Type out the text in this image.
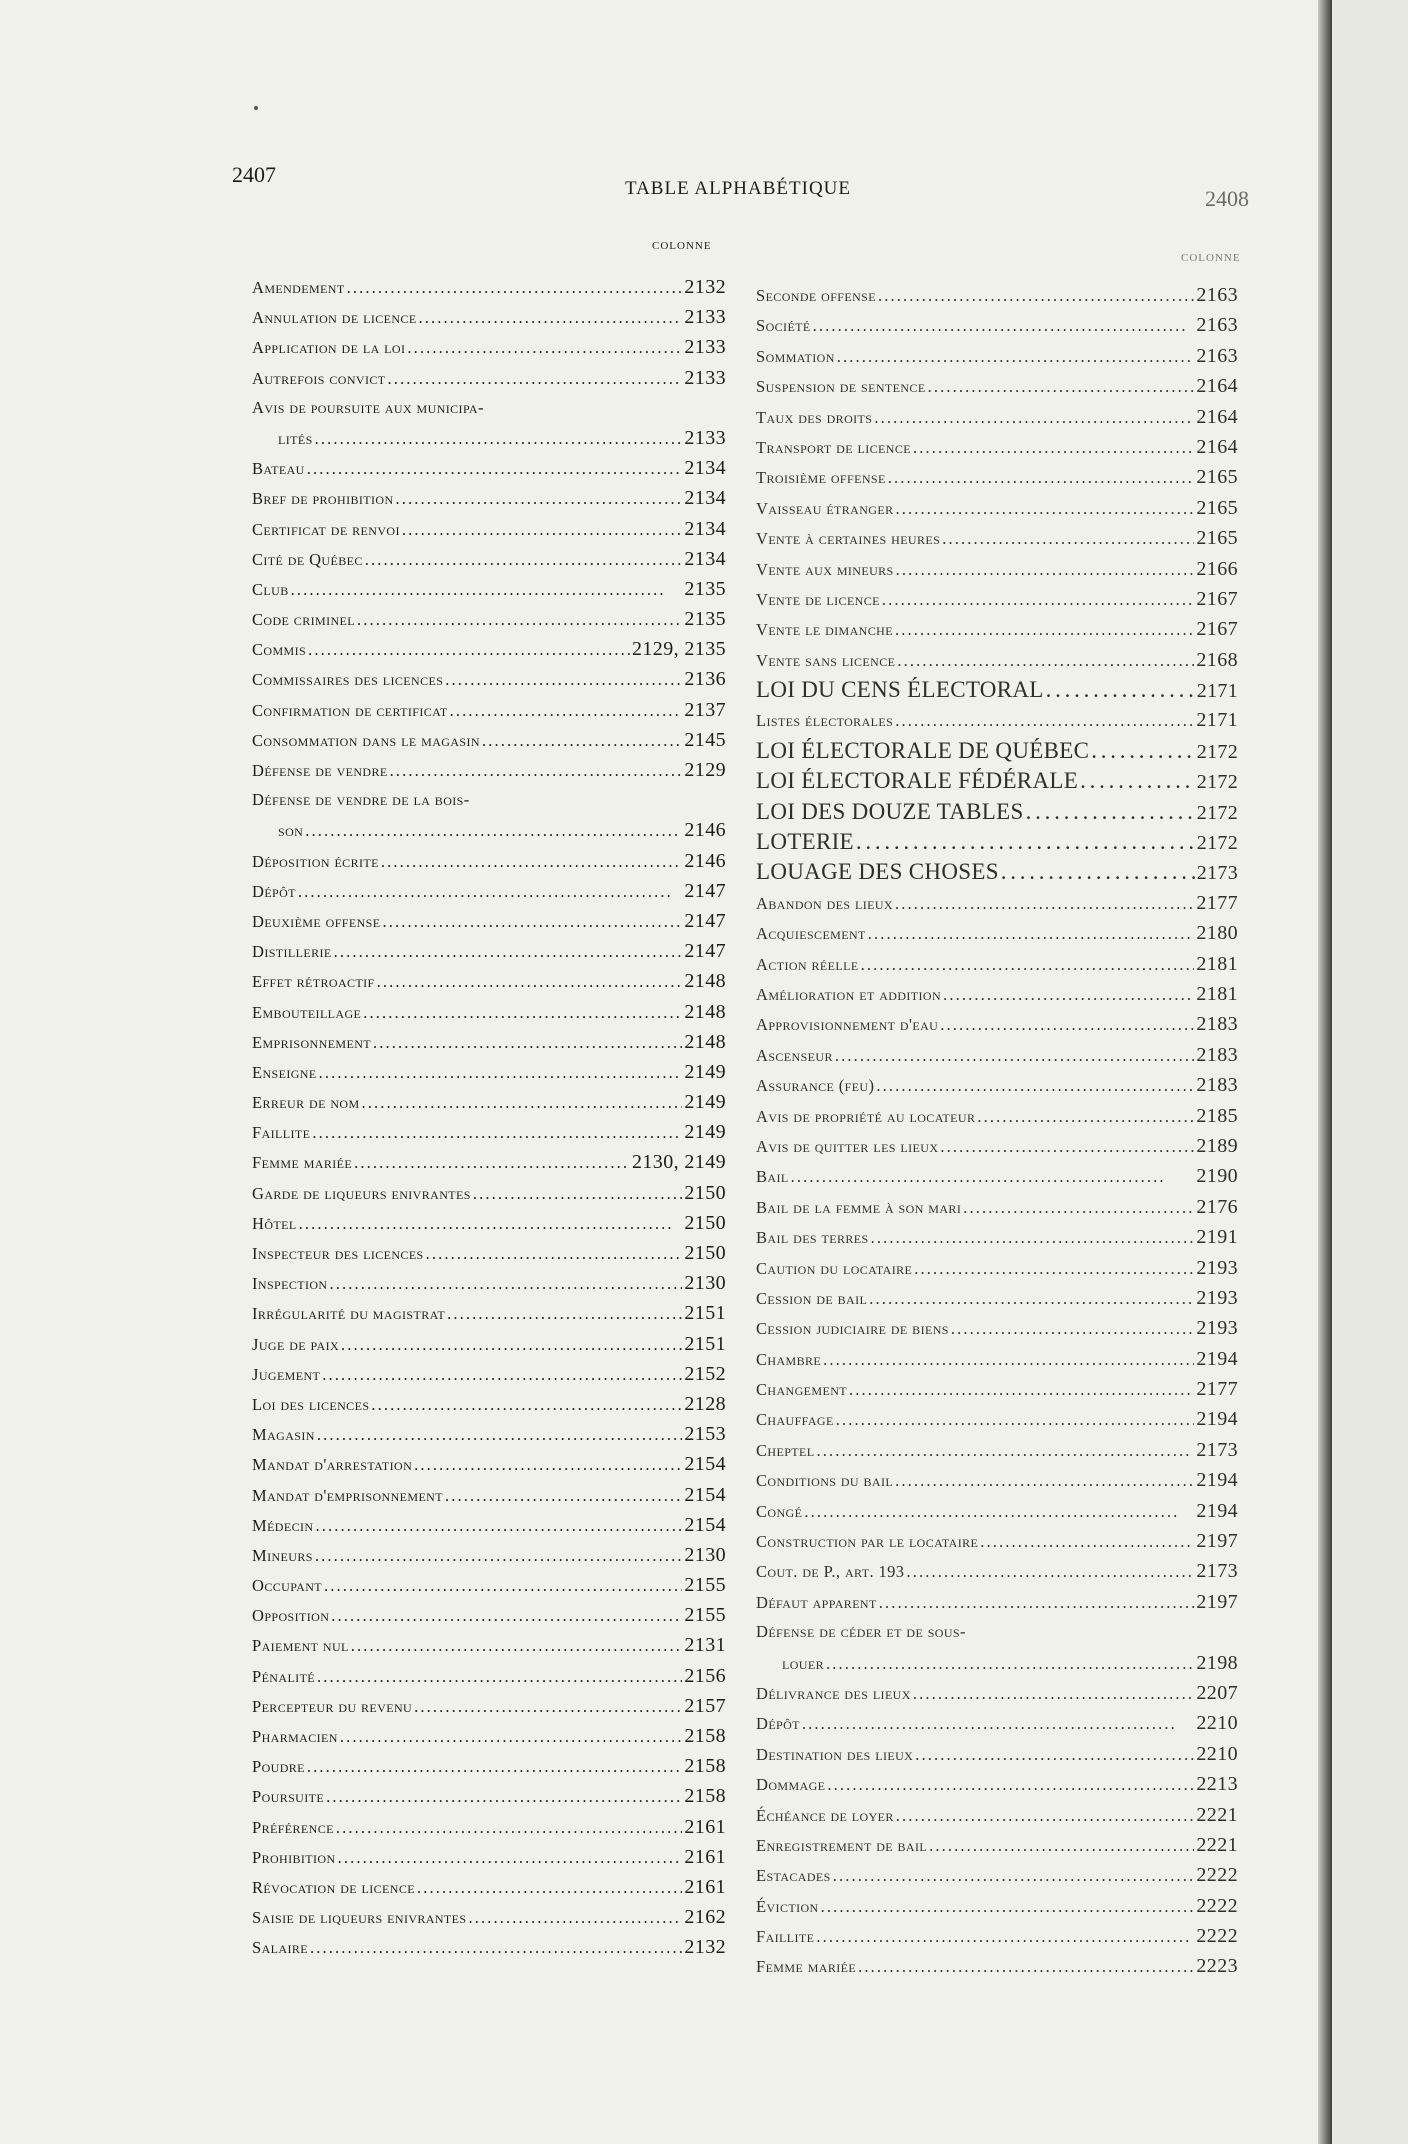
2407
TABLE ALPHABÉTIQUE	2408
COLONNE
COLONNE
Amendement . . .	2132
Annulation de licence . . .	2133
Application de la loi . . .	2133
Autrefois convict . . .	2133
Avis de poursuite aux municipa-
lités . . .	2133
Bateau . . .	2134
Bref de prohibition . . .	2134
Certificat de renvoi . . .	2134
Cité de Québec . . .	2134
Club . . .	2135
Code criminel . . .	2135
Commis . . .	2129, 2135
Commissaires des licences . . .	2136
Confirmation de certificat . . .	2137
Consommation dans le magasin . . .	2145
Défense de vendre . . .	2129
Défense de vendre de la bois-
son . . .	2146
Déposition écrite . . .	2146
Dépôt . . .	2147
Deuxième offense . . .	2147
Distillerie . . .	2147
Effet rétroactif . . .	2148
Embouteillage . . .	2148
Emprisonnement . . .	2148
Enseigne . . .	2149
Erreur de nom . . .	2149
Faillite . . .	2149
Femme mariée . . .	2130, 2149
Garde de liqueurs enivrantes . . .	2150
Hôtel . . .	2150
Inspecteur des licences . . .	2150
Inspection . . .	2130
Irrégularité du magistrat . . .	2151
Juge de paix . . .	2151
Jugement . . .	2152
Loi des licences . . .	2128
Magasin . . .	2153
Mandat d'arrestation . . .	2154
Mandat d'emprisonnement . . .	2154
Médecin . . .	2154
Mineurs . . .	2130
Occupant . . .	2155
Opposition . . .	2155
Paiement nul . . .	2131
Pénalité . . .	2156
Percepteur du revenu . . .	2157
Pharmacien . . .	2158
Poudre . . .	2158
Poursuite . . .	2158
Préférence . . .	2161
Prohibition . . .	2161
Révocation de licence . . .	2161
Saisie de liqueurs enivrantes . . .	2162
Salaire . . .	2132
Seconde offense . . .	2163
Société . . .	2163
Sommation . . .	2163
Suspension de sentence . . .	2164
Taux des droits . . .	2164
Transport de licence . . .	2164
Troisième offense . . .	2165
Vaisseau étranger . . .	2165
Vente à certaines heures . . .	2165
Vente aux mineurs . . .	2166
Vente de licence . . .	2167
Vente le dimanche . . .	2167
Vente sans licence . . .	2168
LOI DU CENS ÉLECTORAL . . .	2171
Listes électorales . . .	2171
LOI ÉLECTORALE DE QUÉBEC . . .	2172
LOI ÉLECTORALE FÉDÉRALE . . .	2172
LOI DES DOUZE TABLES . . .	2172
LOTERIE . . .	2172
LOUAGE DES CHOSES . . .	2173
Abandon des lieux . . .	2177
Acquiescement . . .	2180
Action réelle . . .	2181
Amélioration et addition . . .	2181
Approvisionnement d'eau . . .	2183
Ascenseur . . .	2183
Assurance (feu) . . .	2183
Avis de propriété au locateur . . .	2185
Avis de quitter les lieux . . .	2189
Bail . . .	2190
Bail de la femme à son mari . . .	2176
Bail des terres . . .	2191
Caution du locataire . . .	2193
Cession de bail . . .	2193
Cession judiciaire de biens . . .	2193
Chambre . . .	2194
Changement . . .	2177
Chauffage . . .	2194
Cheptel . . .	2173
Conditions du bail . . .	2194
Congé . . .	2194
Construction par le locataire . . .	2197
Cout. de P., art. 193 . . .	2173
Défaut apparent . . .	2197
Défense de céder et de sous-
louer . . .	2198
Délivrance des lieux . . .	2207
Dépôt . . .	2210
Destination des lieux . . .	2210
Dommage . . .	2213
Échéance de loyer . . .	2221
Enregistrement de bail . . .	2221
Estacades . . .	2222
Éviction . . .	2222
Faillite . . .	2222
Femme mariée . . .	2223
